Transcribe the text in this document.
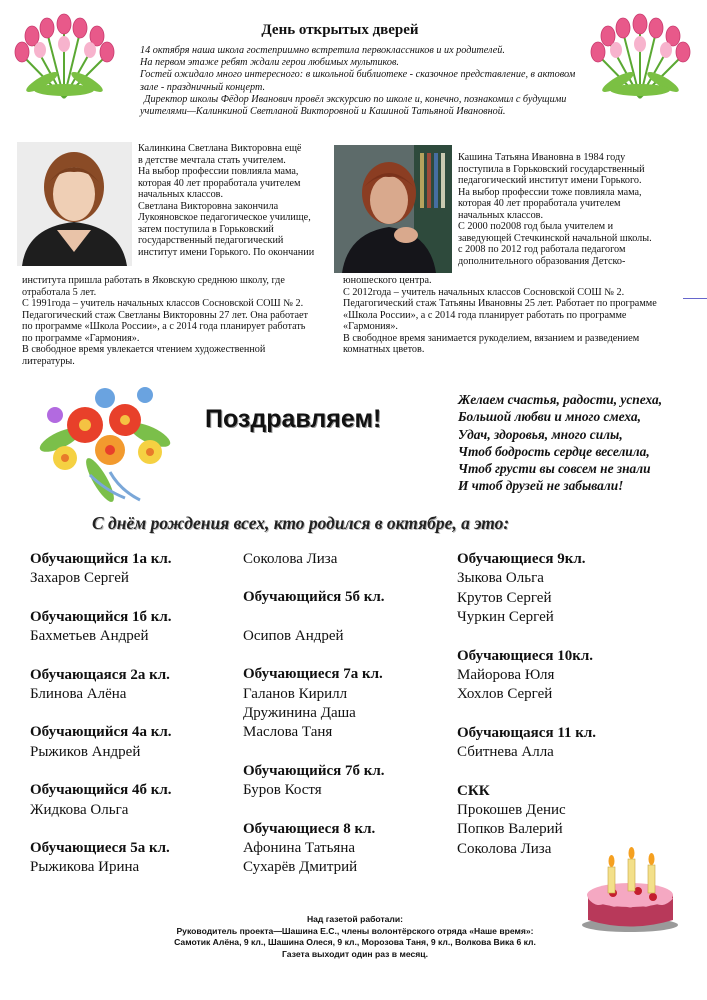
День открытых дверей

14 октября наша школа гостеприимно встретила первоклассников и их родителей.

На первом этаже ребят ждали герои любимых мультиков.

Гостей ожидало много интересного: в школьной библиотеке - сказочное представление, в актовом зале - праздничный концерт.

Директор школы Фёдор Иванович провёл экскурсию по школе и, конечно, познакомил с будущими учителями—Калинкиной Светланой Викторовной и Кашиной Татьяной Ивановной.

Калинкина Светлана Викторовна ещё

в детстве мечтала стать учителем.

На выбор профессии повлияла мама,

которая 40 лет проработала учителем

начальных классов.

Светлана Викторовна закончила

Лукояновское педагогическое училище,

затем поступила в Горьковский

государственный педагогический

институт имени Горького. По окончании

института пришла работать в Яковскую среднюю школу, где

отработала 5 лет.

С 1991года – учитель начальных классов Сосновской СОШ № 2.

Педагогический стаж Светланы Викторовны 27 лет. Она работает

по программе «Школа России», а с 2014 года планирует работать

по программе «Гармония».

В свободное время увлекается чтением художественной

литературы.

Кашина Татьяна Ивановна в 1984 году

поступила в Горьковский государственный

педагогический институт имени Горького.

На выбор профессии тоже повлияла мама,

которая 40 лет проработала учителем

начальных классов.

С 2000 по2008 год была учителем и

заведующей Стечкинской начальной школы.

с 2008 по 2012 год работала педагогом

дополнительного образования Детско-

юношеского центра.

С 2012года – учитель начальных классов Сосновской СОШ № 2.

Педагогический стаж Татьяны Ивановны 25 лет. Работает по программе

«Школа России», а с 2014 года планирует работать по программе

«Гармония».

В свободное время занимается рукоделием, вязанием и разведением

комнатных цветов.

Поздравляем!

Желаем счастья, радости, успеха,

Большой любви и много смеха,

Удач, здоровья, много силы,

Чтоб бодрость сердце веселила,

Чтоб грусти вы совсем не знали

И чтоб друзей не забывали!

С днём рождения всех, кто родился в октябре, а это:
Обучающийся 1а кл.
Захаров Сергей
Обучающийся 1б кл.
Бахметьев Андрей
Обучающаяся 2а кл.
Блинова Алёна
Обучающийся 4а кл.
Рыжиков Андрей
Обучающийся 4б кл.
Жидкова Ольга
Обучающиеся 5а кл.
Рыжикова Ирина
Соколова Лиза
Обучающийся 5б кл.
Осипов Андрей
Обучающиеся 7а кл.
Галанов Кирилл
Дружинина Даша
Маслова Таня
Обучающийся 7б кл.
Буров Костя
Обучающиеся 8 кл.
Афонина Татьяна
Сухарёв Дмитрий
Обучающиеся 9кл.
Зыкова Ольга
Крутов Сергей
Чуркин Сергей
Обучающиеся 10кл.
Майорова Юля
Хохлов Сергей
Обучающаяся 11 кл.
Сбитнева Алла
СКК
Прокошев Денис
Попков Валерий
Соколова Лиза

Над газетой работали:

Руководитель проекта—Шашина Е.С., члены волонтёрского отряда «Наше время»:

Самотик Алёна, 9 кл., Шашина Олеся, 9 кл., Морозова Таня, 9 кл., Волкова Вика 6 кл.

Газета выходит один раз в месяц.
